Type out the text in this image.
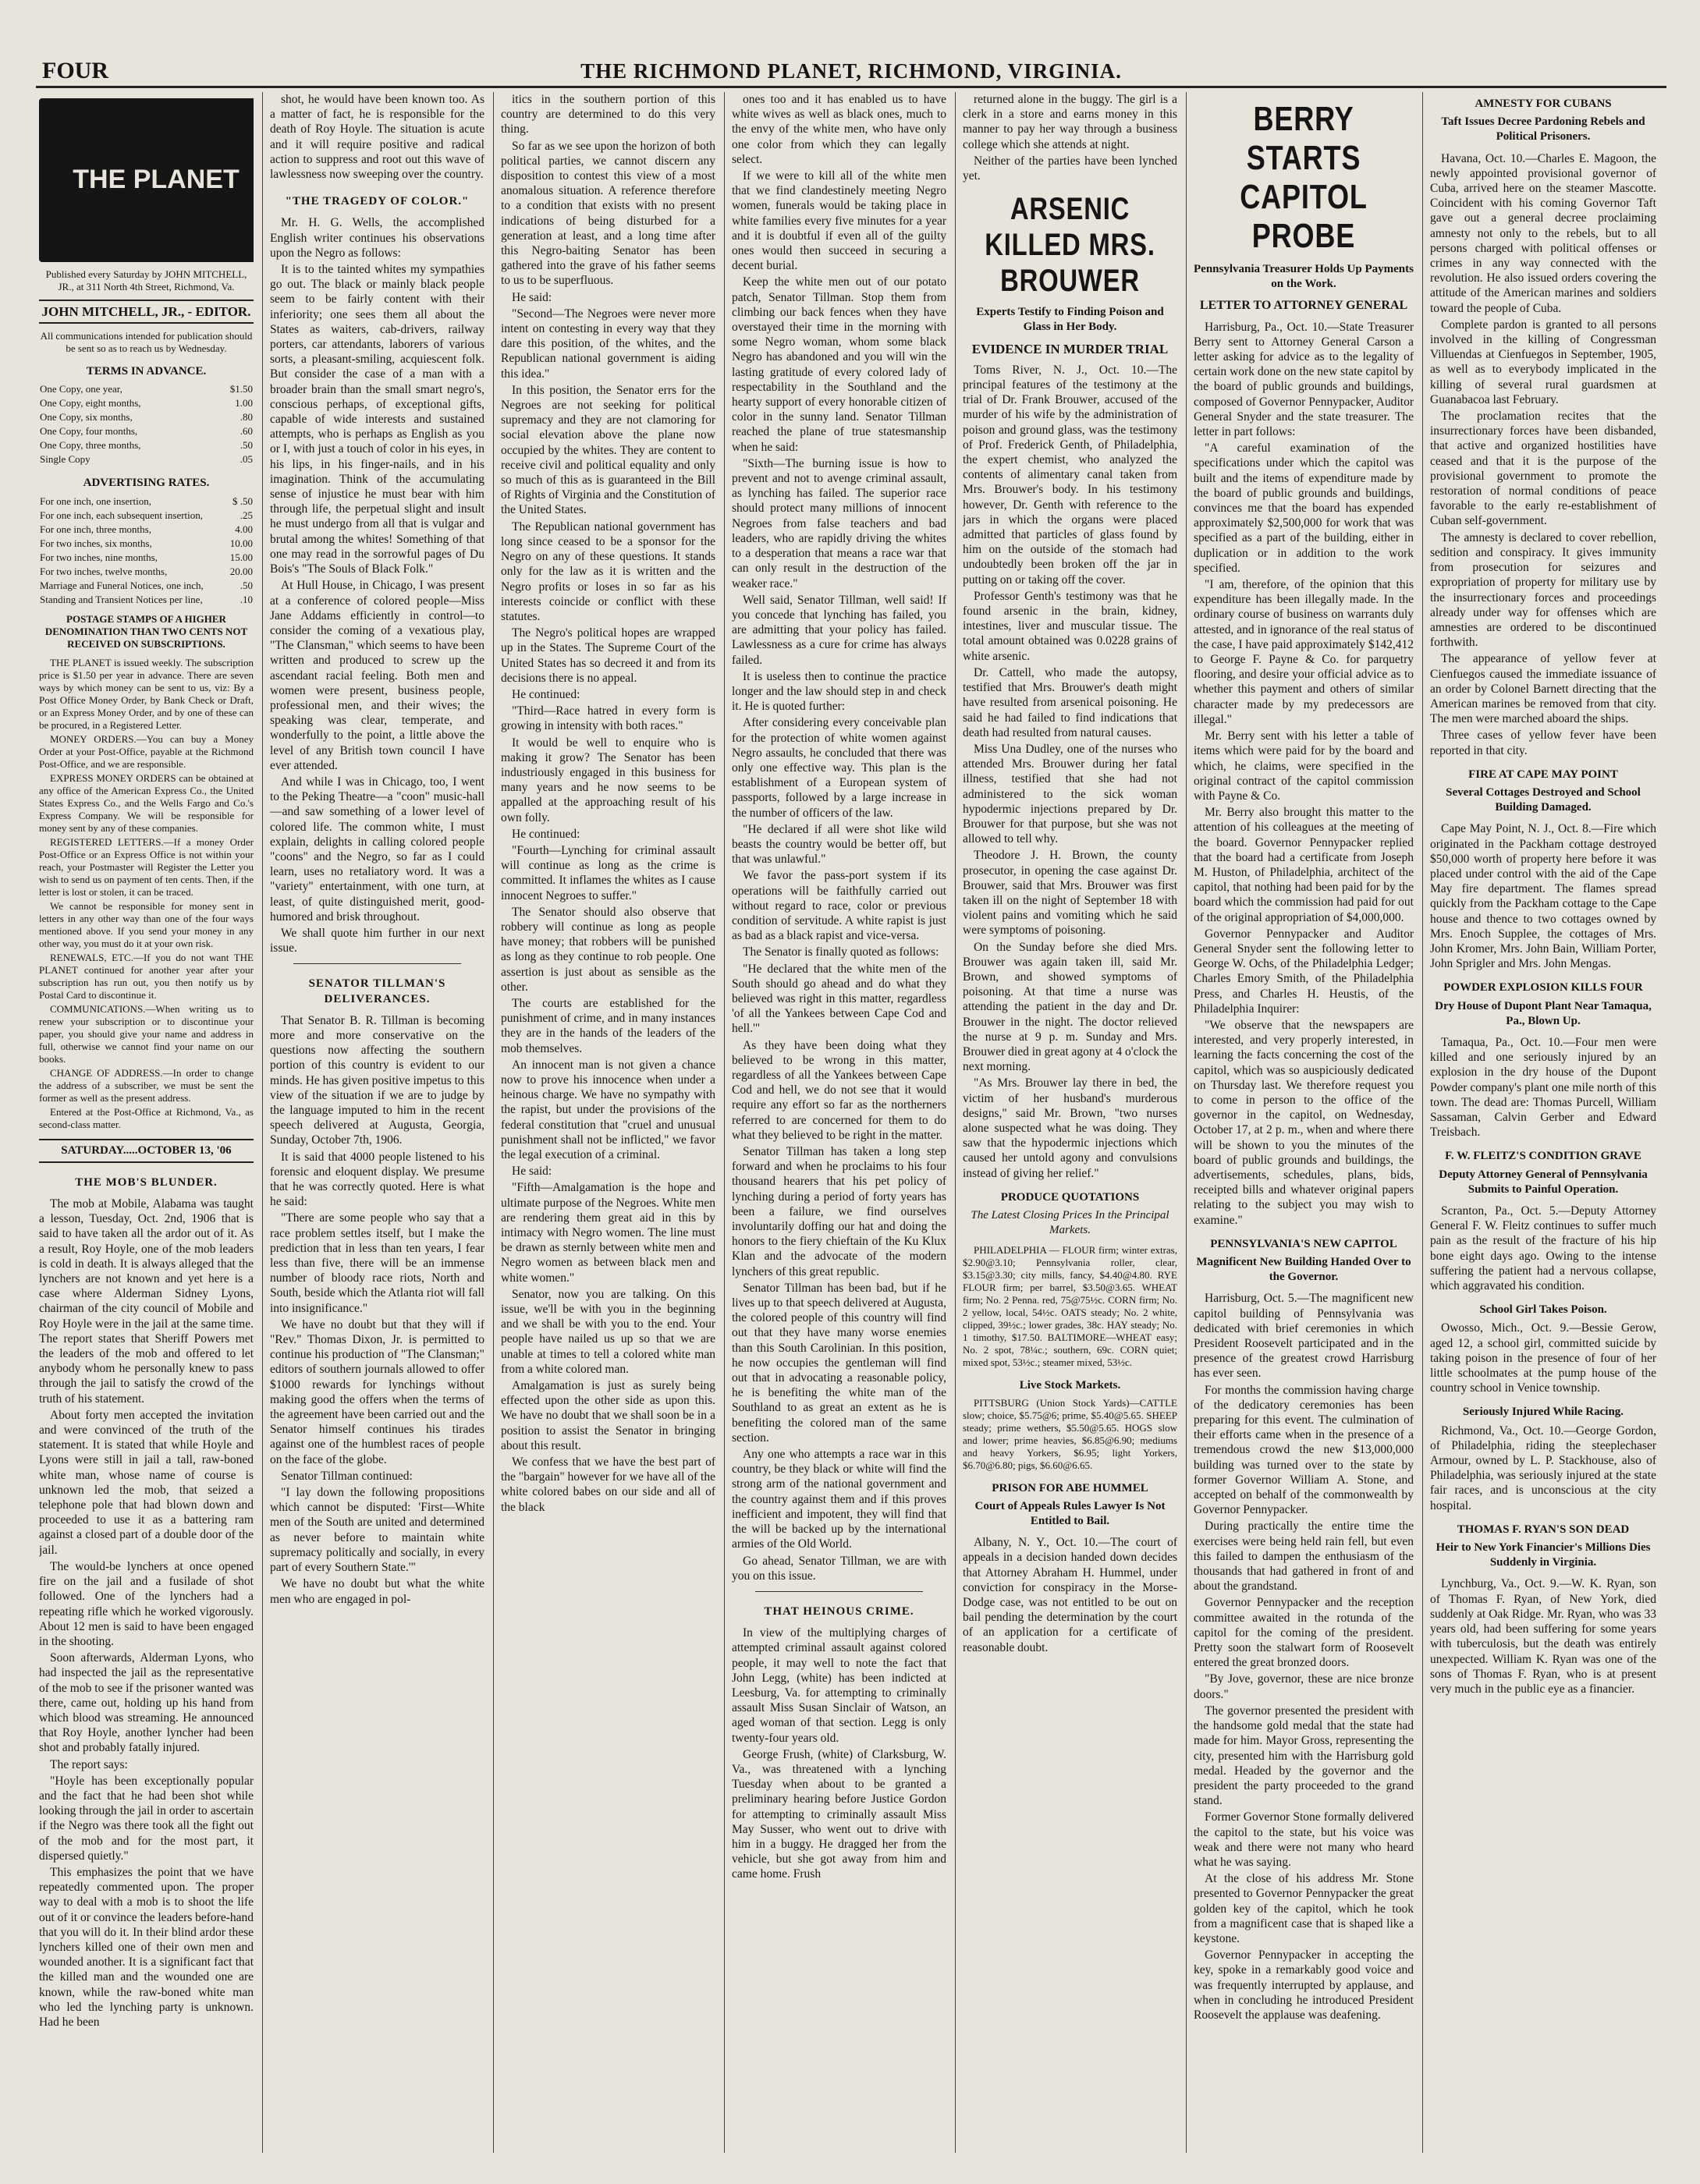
FOUR	THE RICHMOND PLANET, RICHMOND, VIRGINIA.
THE PLANET
Published every Saturday by JOHN MITCHELL, JR., at 311 North 4th Street, Richmond, Va.
JOHN MITCHELL, JR., - EDITOR.
All communications intended for publication should be sent so as to reach us by Wednesday.
TERMS IN ADVANCE.
One Copy, one year,	$1.50
One Copy, eight months,	1.00
One Copy, six months,	.80
One Copy, four months,	.60
One Copy, three months,	.50
Single Copy	.05
ADVERTISING RATES.
For one inch, one insertion,	$ .50
For one inch, each subsequent insertion,	.25
For one inch, three months,	4.00
For two inches, six months,	10.00
For two inches, nine months,	15.00
For two inches, twelve months,	20.00
Marriage and Funeral Notices, one inch,	.50
Standing and Transient Notices per line,	.10
POSTAGE STAMPS OF A HIGHER DENOMINATION THAN TWO CENTS NOT RECEIVED ON SUBSCRIPTIONS.

THE PLANET is issued weekly. The subscription price is $1.50 per year in advance. There are seven ways by which money can be sent to us, viz: By a Post Office Money Order, by Bank Check or Draft, or an Express Money Order, and by one of these can be procured, in a Registered Letter.

MONEY ORDERS.—You can buy a Money Order at your Post-Office, payable at the Richmond Post-Office, and we are responsible.

EXPRESS MONEY ORDERS can be obtained at any office of the American Express Co., the United States Express Co., and the Wells Fargo and Co.'s Express Company. We will be responsible for money sent by any of these companies.

REGISTERED LETTERS.—If a money Order Post-Office or an Express Office is not within your reach, your Postmaster will Register the Letter you wish to send us on payment of ten cents. Then, if the letter is lost or stolen, it can be traced.

We cannot be responsible for money sent in letters in any other way than one of the four ways mentioned above. If you send your money in any other way, you must do it at your own risk.

RENEWALS, ETC.—If you do not want THE PLANET continued for another year after your subscription has run out, you then notify us by Postal Card to discontinue it.

COMMUNICATIONS.—When writing us to renew your subscription or to discontinue your paper, you should give your name and address in full, otherwise we cannot find your name on our books.

CHANGE OF ADDRESS.—In order to change the address of a subscriber, we must be sent the former as well as the present address.

Entered at the Post-Office at Richmond, Va., as second-class matter.

SATURDAY.....OCTOBER 13, '06
THE MOB'S BLUNDER.

The mob at Mobile, Alabama was taught a lesson, Tuesday, Oct. 2nd, 1906 that is said to have taken all the ardor out of it. As a result, Roy Hoyle, one of the mob leaders is cold in death. It is always alleged that the lynchers are not known and yet here is a case where Alderman Sidney Lyons, chairman of the city council of Mobile and Roy Hoyle were in the jail at the same time. The report states that Sheriff Powers met the leaders of the mob and offered to let anybody whom he personally knew to pass through the jail to satisfy the crowd of the truth of his statement.

About forty men accepted the invitation and were convinced of the truth of the statement. It is stated that while Hoyle and Lyons were still in jail a tall, raw-boned white man, whose name of course is unknown led the mob, that seized a telephone pole that had blown down and proceeded to use it as a battering ram against a closed part of a double door of the jail.

The would-be lynchers at once opened fire on the jail and a fusilade of shot followed. One of the lynchers had a repeating rifle which he worked vigorously. About 12 men is said to have been engaged in the shooting.

Soon afterwards, Alderman Lyons, who had inspected the jail as the representative of the mob to see if the prisoner wanted was there, came out, holding up his hand from which blood was streaming. He announced that Roy Hoyle, another lyncher had been shot and probably fatally injured.

The report says:

"Hoyle has been exceptionally popular and the fact that he had been shot while looking through the jail in order to ascertain if the Negro was there took all the fight out of the mob and for the most part, it dispersed quietly."

This emphasizes the point that we have repeatedly commented upon. The proper way to deal with a mob is to shoot the life out of it or convince the leaders before-hand that you will do it. In their blind ardor these lynchers killed one of their own men and wounded another. It is a significant fact that the killed man and the wounded one are known, while the raw-boned white man who led the lynching party is unknown. Had he been

shot, he would have been known too. As a matter of fact, he is responsible for the death of Roy Hoyle. The situation is acute and it will require positive and radical action to suppress and root out this wave of lawlessness now sweeping over the country.

"THE TRAGEDY OF COLOR."

Mr. H. G. Wells, the accomplished English writer continues his observations upon the Negro as follows:

It is to the tainted whites my sympathies go out. The black or mainly black people seem to be fairly content with their inferiority; one sees them all about the States as waiters, cab-drivers, railway porters, car attendants, laborers of various sorts, a pleasant-smiling, acquiescent folk. But consider the case of a man with a broader brain than the small smart negro's, conscious perhaps, of exceptional gifts, capable of wide interests and sustained attempts, who is perhaps as English as you or I, with just a touch of color in his eyes, in his lips, in his finger-nails, and in his imagination. Think of the accumulating sense of injustice he must bear with him through life, the perpetual slight and insult he must undergo from all that is vulgar and brutal among the whites! Something of that one may read in the sorrowful pages of Du Bois's "The Souls of Black Folk."

At Hull House, in Chicago, I was present at a conference of colored people—Miss Jane Addams efficiently in control—to consider the coming of a vexatious play, "The Clansman," which seems to have been written and produced to screw up the ascendant racial feeling. Both men and women were present, business people, professional men, and their wives; the speaking was clear, temperate, and wonderfully to the point, a little above the level of any British town council I have ever attended.

And while I was in Chicago, too, I went to the Peking Theatre—a "coon" music-hall—and saw something of a lower level of colored life. The common white, I must explain, delights in calling colored people "coons" and the Negro, so far as I could learn, uses no retaliatory word. It was a "variety" entertainment, with one turn, at least, of quite distinguished merit, good-humored and brisk throughout.

We shall quote him further in our next issue.

SENATOR TILLMAN'S DELIVERANCES.

That Senator B. R. Tillman is becoming more and more conservative on the questions now affecting the southern portion of this country is evident to our minds. He has given positive impetus to this view of the situation if we are to judge by the language imputed to him in the recent speech delivered at Augusta, Georgia, Sunday, October 7th, 1906.

It is said that 4000 people listened to his forensic and eloquent display. We presume that he was correctly quoted. Here is what he said:

"There are some people who say that a race problem settles itself, but I make the prediction that in less than ten years, I fear less than five, there will be an immense number of bloody race riots, North and South, beside which the Atlanta riot will fall into insignificance."

We have no doubt but that they will if "Rev." Thomas Dixon, Jr. is permitted to continue his production of "The Clansman;" editors of southern journals allowed to offer $1000 rewards for lynchings without making good the offers when the terms of the agreement have been carried out and the Senator himself continues his tirades against one of the humblest races of people on the face of the globe.

Senator Tillman continued:

"I lay down the following propositions which cannot be disputed: 'First—White men of the South are united and determined as never before to maintain white supremacy politically and socially, in every part of every Southern State.'"

We have no doubt but what the white men who are engaged in pol-

itics in the southern portion of this country are determined to do this very thing.

So far as we see upon the horizon of both political parties, we cannot discern any disposition to contest this view of a most anomalous situation. A reference therefore to a condition that exists with no present indications of being disturbed for a generation at least, and a long time after this Negro-baiting Senator has been gathered into the grave of his father seems to us to be superfluous.

He said:

"Second—The Negroes were never more intent on contesting in every way that they dare this position, of the whites, and the Republican national government is aiding this idea."

In this position, the Senator errs for the Negroes are not seeking for political supremacy and they are not clamoring for social elevation above the plane now occupied by the whites. They are content to receive civil and political equality and only so much of this as is guaranteed in the Bill of Rights of Virginia and the Constitution of the United States.

The Republican national government has long since ceased to be a sponsor for the Negro on any of these questions. It stands only for the law as it is written and the Negro profits or loses in so far as his interests coincide or conflict with these statutes.

The Negro's political hopes are wrapped up in the States. The Supreme Court of the United States has so decreed it and from its decisions there is no appeal.

He continued:

"Third—Race hatred in every form is growing in intensity with both races."

It would be well to enquire who is making it grow? The Senator has been industriously engaged in this business for many years and he now seems to be appalled at the approaching result of his own folly.

He continued:

"Fourth—Lynching for criminal assault will continue as long as the crime is committed. It inflames the whites as I cause innocent Negroes to suffer."

The Senator should also observe that robbery will continue as long as people have money; that robbers will be punished as long as they continue to rob people. One assertion is just about as sensible as the other.

The courts are established for the punishment of crime, and in many instances they are in the hands of the leaders of the mob themselves.

An innocent man is not given a chance now to prove his innocence when under a heinous charge. We have no sympathy with the rapist, but under the provisions of the federal constitution that "cruel and unusual punishment shall not be inflicted," we favor the legal execution of a criminal.

He said:

"Fifth—Amalgamation is the hope and ultimate purpose of the Negroes. White men are rendering them great aid in this by intimacy with Negro women. The line must be drawn as sternly between white men and Negro women as between black men and white women."

Senator, now you are talking. On this issue, we'll be with you in the beginning and we shall be with you to the end. Your people have nailed us up so that we are unable at times to tell a colored white man from a white colored man.

Amalgamation is just as surely being effected upon the other side as upon this. We have no doubt that we shall soon be in a position to assist the Senator in bringing about this result.

We confess that we have the best part of the "bargain" however for we have all of the white colored babes on our side and all of the black

ones too and it has enabled us to have white wives as well as black ones, much to the envy of the white men, who have only one color from which they can legally select.

If we were to kill all of the white men that we find clandestinely meeting Negro women, funerals would be taking place in white families every five minutes for a year and it is doubtful if even all of the guilty ones would then succeed in securing a decent burial.

Keep the white men out of our potato patch, Senator Tillman. Stop them from climbing our back fences when they have overstayed their time in the morning with some Negro woman, whom some black Negro has abandoned and you will win the lasting gratitude of every colored lady of respectability in the Southland and the hearty support of every honorable citizen of color in the sunny land. Senator Tillman reached the plane of true statesmanship when he said:

"Sixth—The burning issue is how to prevent and not to avenge criminal assault, as lynching has failed. The superior race should protect many millions of innocent Negroes from false teachers and bad leaders, who are rapidly driving the whites to a desperation that means a race war that can only result in the destruction of the weaker race."

Well said, Senator Tillman, well said! If you concede that lynching has failed, you are admitting that your policy has failed. Lawlessness as a cure for crime has always failed.

It is useless then to continue the practice longer and the law should step in and check it. He is quoted further:

After considering every conceivable plan for the protection of white women against Negro assaults, he concluded that there was only one effective way. This plan is the establishment of a European system of passports, followed by a large increase in the number of officers of the law.

"He declared if all were shot like wild beasts the country would be better off, but that was unlawful."

We favor the pass-port system if its operations will be faithfully carried out without regard to race, color or previous condition of servitude. A white rapist is just as bad as a black rapist and vice-versa.

The Senator is finally quoted as follows:

"He declared that the white men of the South should go ahead and do what they believed was right in this matter, regardless 'of all the Yankees between Cape Cod and hell.'"

As they have been doing what they believed to be wrong in this matter, regardless of all the Yankees between Cape Cod and hell, we do not see that it would require any effort so far as the northerners referred to are concerned for them to do what they believed to be right in the matter.

Senator Tillman has taken a long step forward and when he proclaims to his four thousand hearers that his pet policy of lynching during a period of forty years has been a failure, we find ourselves involuntarily doffing our hat and doing the honors to the fiery chieftain of the Ku Klux Klan and the advocate of the modern lynchers of this great republic.

Senator Tillman has been bad, but if he lives up to that speech delivered at Augusta, the colored people of this country will find out that they have many worse enemies than this South Carolinian. In this position, he now occupies the gentleman will find out that in advocating a reasonable policy, he is benefiting the white man of the Southland to as great an extent as he is benefiting the colored man of the same section.

Any one who attempts a race war in this country, be they black or white will find the strong arm of the national government and the country against them and if this proves inefficient and impotent, they will find that the will be backed up by the international armies of the Old World.

Go ahead, Senator Tillman, we are with you on this issue.

THAT HEINOUS CRIME.

In view of the multiplying charges of attempted criminal assault against colored people, it may well to note the fact that John Legg, (white) has been indicted at Leesburg, Va. for attempting to criminally assault Miss Susan Sinclair of Watson, an aged woman of that section. Legg is only twenty-four years old.

George Frush, (white) of Clarksburg, W. Va., was threatened with a lynching Tuesday when about to be granted a preliminary hearing before Justice Gordon for attempting to criminally assault Miss May Susser, who went out to drive with him in a buggy. He dragged her from the vehicle, but she got away from him and came home. Frush

returned alone in the buggy. The girl is a clerk in a store and earns money in this manner to pay her way through a business college which she attends at night.

Neither of the parties have been lynched yet.

ARSENIC KILLED MRS. BROUWER
Experts Testify to Finding Poison and Glass in Her Body.
EVIDENCE IN MURDER TRIAL

Toms River, N. J., Oct. 10.—The principal features of the testimony at the trial of Dr. Frank Brouwer, accused of the murder of his wife by the administration of poison and ground glass, was the testimony of Prof. Frederick Genth, of Philadelphia, the expert chemist, who analyzed the contents of alimentary canal taken from Mrs. Brouwer's body. In his testimony however, Dr. Genth with reference to the jars in which the organs were placed admitted that particles of glass found by him on the outside of the stomach had undoubtedly been broken off the jar in putting on or taking off the cover.

Professor Genth's testimony was that he found arsenic in the brain, kidney, intestines, liver and muscular tissue. The total amount obtained was 0.0228 grains of white arsenic.

Dr. Cattell, who made the autopsy, testified that Mrs. Brouwer's death might have resulted from arsenical poisoning. He said he had failed to find indications that death had resulted from natural causes.

Miss Una Dudley, one of the nurses who attended Mrs. Brouwer during her fatal illness, testified that she had not administered to the sick woman hypodermic injections prepared by Dr. Brouwer for that purpose, but she was not allowed to tell why.

Theodore J. H. Brown, the county prosecutor, in opening the case against Dr. Brouwer, said that Mrs. Brouwer was first taken ill on the night of September 18 with violent pains and vomiting which he said were symptoms of poisoning.

On the Sunday before she died Mrs. Brouwer was again taken ill, said Mr. Brown, and showed symptoms of poisoning. At that time a nurse was attending the patient in the day and Dr. Brouwer in the night. The doctor relieved the nurse at 9 p. m. Sunday and Mrs. Brouwer died in great agony at 4 o'clock the next morning.

"As Mrs. Brouwer lay there in bed, the victim of her husband's murderous designs," said Mr. Brown, "two nurses alone suspected what he was doing. They saw that the hypodermic injections which caused her untold agony and convulsions instead of giving her relief."

PRODUCE QUOTATIONS
The Latest Closing Prices In the Principal Markets.

PHILADELPHIA — FLOUR firm; winter extras, $2.90@3.10; Pennsylvania roller, clear, $3.15@3.30; city mills, fancy, $4.40@4.80. RYE FLOUR firm; per barrel, $3.50@3.65. WHEAT firm; No. 2 Penna. red, 75@75½c. CORN firm; No. 2 yellow, local, 54½c. OATS steady; No. 2 white, clipped, 39½c.; lower grades, 38c. HAY steady; No. 1 timothy, $17.50. BALTIMORE—WHEAT easy; No. 2 spot, 78¼c.; southern, 69c. CORN quiet; mixed spot, 53½c.; steamer mixed, 53½c.

Live Stock Markets.

PITTSBURG (Union Stock Yards)—CATTLE slow; choice, $5.75@6; prime, $5.40@5.65. SHEEP steady; prime wethers, $5.50@5.65. HOGS slow and lower; prime heavies, $6.85@6.90; mediums and heavy Yorkers, $6.95; light Yorkers, $6.70@6.80; pigs, $6.60@6.65.

PRISON FOR ABE HUMMEL
Court of Appeals Rules Lawyer Is Not Entitled to Bail.

Albany, N. Y., Oct. 10.—The court of appeals in a decision handed down decides that Attorney Abraham H. Hummel, under conviction for conspiracy in the Morse-Dodge case, was not entitled to be out on bail pending the determination by the court of an application for a certificate of reasonable doubt.

BERRY STARTS CAPITOL PROBE
Pennsylvania Treasurer Holds Up Payments on the Work.
LETTER TO ATTORNEY GENERAL

Harrisburg, Pa., Oct. 10.—State Treasurer Berry sent to Attorney General Carson a letter asking for advice as to the legality of certain work done on the new state capitol by the board of public grounds and buildings, composed of Governor Pennypacker, Auditor General Snyder and the state treasurer. The letter in part follows:

"A careful examination of the specifications under which the capitol was built and the items of expenditure made by the board of public grounds and buildings, convinces me that the board has expended approximately $2,500,000 for work that was specified as a part of the building, either in duplication or in addition to the work specified.

"I am, therefore, of the opinion that this expenditure has been illegally made. In the ordinary course of business on warrants duly attested, and in ignorance of the real status of the case, I have paid approximately $142,412 to George F. Payne & Co. for parquetry flooring, and desire your official advice as to whether this payment and others of similar character made by my predecessors are illegal."

Mr. Berry sent with his letter a table of items which were paid for by the board and which, he claims, were specified in the original contract of the capitol commission with Payne & Co.

Mr. Berry also brought this matter to the attention of his colleagues at the meeting of the board. Governor Pennypacker replied that the board had a certificate from Joseph M. Huston, of Philadelphia, architect of the capitol, that nothing had been paid for by the board which the commission had paid for out of the original appropriation of $4,000,000.

Governor Pennypacker and Auditor General Snyder sent the following letter to George W. Ochs, of the Philadelphia Ledger; Charles Emory Smith, of the Philadelphia Press, and Charles H. Heustis, of the Philadelphia Inquirer:

"We observe that the newspapers are interested, and very properly interested, in learning the facts concerning the cost of the capitol, which was so auspiciously dedicated on Thursday last. We therefore request you to come in person to the office of the governor in the capitol, on Wednesday, October 17, at 2 p. m., when and where there will be shown to you the minutes of the board of public grounds and buildings, the advertisements, schedules, plans, bids, receipted bills and whatever original papers relating to the subject you may wish to examine."

PENNSYLVANIA'S NEW CAPITOL
Magnificent New Building Handed Over to the Governor.

Harrisburg, Oct. 5.—The magnificent new capitol building of Pennsylvania was dedicated with brief ceremonies in which President Roosevelt participated and in the presence of the greatest crowd Harrisburg has ever seen.

For months the commission having charge of the dedicatory ceremonies has been preparing for this event. The culmination of their efforts came when in the presence of a tremendous crowd the new $13,000,000 building was turned over to the state by former Governor William A. Stone, and accepted on behalf of the commonwealth by Governor Pennypacker.

During practically the entire time the exercises were being held rain fell, but even this failed to dampen the enthusiasm of the thousands that had gathered in front of and about the grandstand.

Governor Pennypacker and the reception committee awaited in the rotunda of the capitol for the coming of the president. Pretty soon the stalwart form of Roosevelt entered the great bronzed doors.

"By Jove, governor, these are nice bronze doors."

The governor presented the president with the handsome gold medal that the state had made for him. Mayor Gross, representing the city, presented him with the Harrisburg gold medal. Headed by the governor and the president the party proceeded to the grand stand.

Former Governor Stone formally delivered the capitol to the state, but his voice was weak and there were not many who heard what he was saying.

At the close of his address Mr. Stone presented to Governor Pennypacker the great golden key of the capitol, which he took from a magnificent case that is shaped like a keystone.

Governor Pennypacker in accepting the key, spoke in a remarkably good voice and was frequently interrupted by applause, and when in concluding he introduced President Roosevelt the applause was deafening.

AMNESTY FOR CUBANS
Taft Issues Decree Pardoning Rebels and Political Prisoners.

Havana, Oct. 10.—Charles E. Magoon, the newly appointed provisional governor of Cuba, arrived here on the steamer Mascotte. Coincident with his coming Governor Taft gave out a general decree proclaiming amnesty not only to the rebels, but to all persons charged with political offenses or crimes in any way connected with the revolution. He also issued orders covering the attitude of the American marines and soldiers toward the people of Cuba.

Complete pardon is granted to all persons involved in the killing of Congressman Villuendas at Cienfuegos in September, 1905, as well as to everybody implicated in the killing of several rural guardsmen at Guanabacoa last February.

The proclamation recites that the insurrectionary forces have been disbanded, that active and organized hostilities have ceased and that it is the purpose of the provisional government to promote the restoration of normal conditions of peace favorable to the early re-establishment of Cuban self-government.

The amnesty is declared to cover rebellion, sedition and conspiracy. It gives immunity from prosecution for seizures and expropriation of property for military use by the insurrectionary forces and proceedings already under way for offenses which are amnesties are ordered to be discontinued forthwith.

The appearance of yellow fever at Cienfuegos caused the immediate issuance of an order by Colonel Barnett directing that the American marines be removed from that city. The men were marched aboard the ships.

Three cases of yellow fever have been reported in that city.

FIRE AT CAPE MAY POINT
Several Cottages Destroyed and School Building Damaged.

Cape May Point, N. J., Oct. 8.—Fire which originated in the Packham cottage destroyed $50,000 worth of property here before it was placed under control with the aid of the Cape May fire department. The flames spread quickly from the Packham cottage to the Cape house and thence to two cottages owned by Mrs. Enoch Supplee, the cottages of Mrs. John Kromer, Mrs. John Bain, William Porter, John Sprigler and Mrs. John Mengas.

POWDER EXPLOSION KILLS FOUR
Dry House of Dupont Plant Near Tamaqua, Pa., Blown Up.

Tamaqua, Pa., Oct. 10.—Four men were killed and one seriously injured by an explosion in the dry house of the Dupont Powder company's plant one mile north of this town. The dead are: Thomas Purcell, William Sassaman, Calvin Gerber and Edward Treisbach.

F. W. FLEITZ'S CONDITION GRAVE
Deputy Attorney General of Pennsylvania Submits to Painful Operation.

Scranton, Pa., Oct. 5.—Deputy Attorney General F. W. Fleitz continues to suffer much pain as the result of the fracture of his hip bone eight days ago. Owing to the intense suffering the patient had a nervous collapse, which aggravated his condition.

School Girl Takes Poison.

Owosso, Mich., Oct. 9.—Bessie Gerow, aged 12, a school girl, committed suicide by taking poison in the presence of four of her little schoolmates at the pump house of the country school in Venice township.

Seriously Injured While Racing.

Richmond, Va., Oct. 10.—George Gordon, of Philadelphia, riding the steeplechaser Armour, owned by L. P. Stackhouse, also of Philadelphia, was seriously injured at the state fair races, and is unconscious at the city hospital.

THOMAS F. RYAN'S SON DEAD
Heir to New York Financier's Millions Dies Suddenly in Virginia.

Lynchburg, Va., Oct. 9.—W. K. Ryan, son of Thomas F. Ryan, of New York, died suddenly at Oak Ridge. Mr. Ryan, who was 33 years old, had been suffering for some years with tuberculosis, but the death was entirely unexpected. William K. Ryan was one of the sons of Thomas F. Ryan, who is at present very much in the public eye as a financier.
